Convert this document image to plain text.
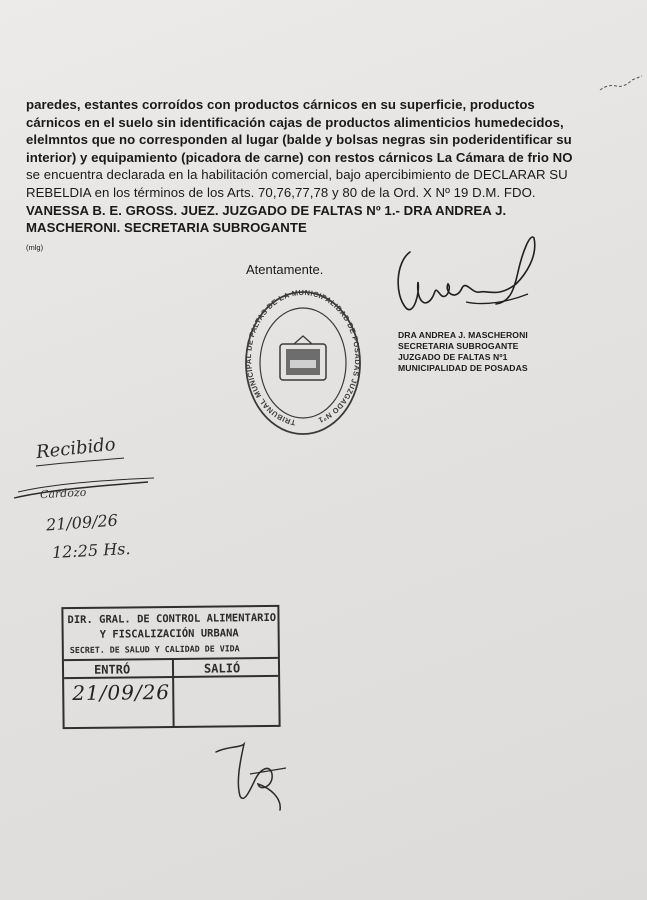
paredes, estantes corroídos con productos cárnicos en su superficie, productos
cárnicos en el suelo sin identificación cajas de productos alimenticios humedecidos,
elelmntos que no corresponden al lugar (balde y bolsas negras sin poderidentificar su
interior) y equipamiento (picadora de carne) con restos cárnicos La Cámara de frio NO
se encuentra declarada en la habilitación comercial, bajo apercibimiento de DECLARAR SU
REBELDIA en los términos de los Arts. 70,76,77,78 y 80 de la Ord. X Nº 19 D.M. FDO.
VANESSA B. E. GROSS. JUEZ. JUZGADO DE FALTAS Nº 1.- DRA ANDREA J.
MASCHERONI. SECRETARIA SUBROGANTE
(mlg)
Atentamente.
TRIBUNAL MUNICIPAL DE FALTAS DE LA MUNICIPALIDAD DE POSADAS JUZGADO Nº1
DRA ANDREA J. MASCHERONI
SECRETARIA SUBROGANTE
JUZGADO DE FALTAS Nº1
MUNICIPALIDAD DE POSADAS
Recibido
Cardozo
21/09/26
12:25 Hs.
DIR. GRAL. DE CONTROL ALIMENTARIO
Y FISCALIZACIÓN URBANA
SECRET. DE SALUD Y CALIDAD DE VIDA
ENTRÓ	SALIÓ
21/09/26
